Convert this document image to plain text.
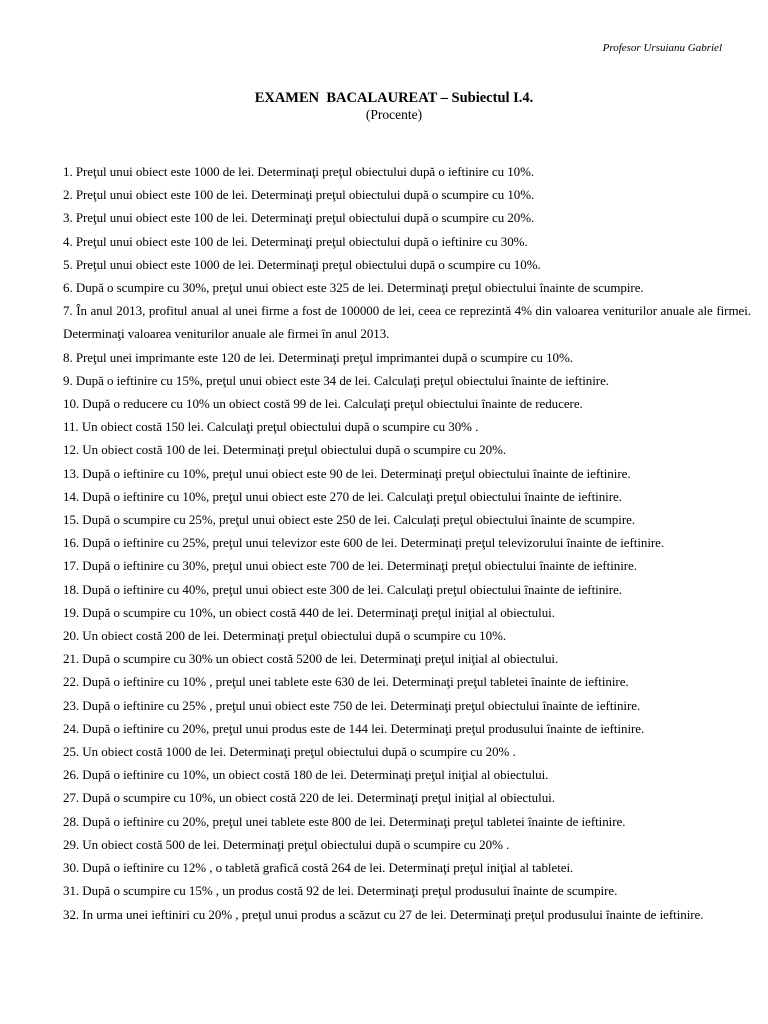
Profesor Ursuianu Gabriel
EXAMEN  BACALAUREAT – Subiectul I.4.
(Procente)
1. Preţul unui obiect este 1000 de lei. Determinaţi preţul obiectului după o ieftinire cu 10%.
2. Preţul unui obiect este 100 de lei. Determinaţi preţul obiectului după o scumpire cu 10%.
3. Preţul unui obiect este 100 de lei. Determinaţi preţul obiectului după o scumpire cu 20%.
4. Preţul unui obiect este 100 de lei. Determinaţi preţul obiectului după o ieftinire cu 30%.
5. Preţul unui obiect este 1000 de lei. Determinaţi preţul obiectului după o scumpire cu 10%.
6. După o scumpire cu 30%, preţul unui obiect este 325 de lei. Determinaţi preţul obiectului înainte de scumpire.
7. În anul 2013, profitul anual al unei firme a fost de 100000 de lei, ceea ce reprezintă 4% din valoarea veniturilor anuale ale firmei. Determinaţi valoarea veniturilor anuale ale firmei în anul 2013.
8. Preţul unei imprimante este 120 de lei. Determinaţi preţul imprimantei după o scumpire cu 10%.
9. După o ieftinire cu 15%, preţul unui obiect este 34 de lei. Calculaţi preţul obiectului înainte de ieftinire.
10. După o reducere cu 10% un obiect costă 99 de lei. Calculaţi preţul obiectului înainte de reducere.
11. Un obiect costă 150 lei. Calculaţi preţul obiectului după o scumpire cu 30% .
12. Un obiect costă 100 de lei. Determinaţi preţul obiectului după o scumpire cu 20%.
13. După o ieftinire cu 10%, preţul unui obiect este 90 de lei. Determinaţi preţul obiectului înainte de ieftinire.
14. După o ieftinire cu 10%, preţul unui obiect este 270 de lei. Calculaţi preţul obiectului înainte de ieftinire.
15. După o scumpire cu 25%, preţul unui obiect este 250 de lei. Calculaţi preţul obiectului înainte de scumpire.
16. După o ieftinire cu 25%, preţul unui televizor este 600 de lei. Determinaţi preţul televizorului înainte de ieftinire.
17. După o ieftinire cu 30%, preţul unui obiect este 700 de lei. Determinaţi preţul obiectului înainte de ieftinire.
18. După o ieftinire cu 40%, preţul unui obiect este 300 de lei. Calculaţi preţul obiectului înainte de ieftinire.
19. După o scumpire cu 10%, un obiect costă 440 de lei. Determinaţi preţul iniţial al obiectului.
20. Un obiect costă 200 de lei. Determinaţi preţul obiectului după o scumpire cu 10%.
21. După o scumpire cu 30% un obiect costă 5200 de lei. Determinaţi preţul iniţial al obiectului.
22. După o ieftinire cu 10% , preţul unei tablete este 630 de lei. Determinaţi preţul tabletei înainte de ieftinire.
23. După o ieftinire cu 25% , preţul unui obiect este 750 de lei. Determinaţi preţul obiectului înainte de ieftinire.
24. După o ieftinire cu 20%, preţul unui produs este de 144 lei. Determinaţi preţul produsului înainte de ieftinire.
25. Un obiect costă 1000 de lei. Determinaţi preţul obiectului după o scumpire cu 20% .
26. După o ieftinire cu 10%, un obiect costă 180 de lei. Determinaţi preţul iniţial al obiectului.
27. După o scumpire cu 10%, un obiect costă 220 de lei. Determinaţi preţul iniţial al obiectului.
28. După o ieftinire cu 20%, preţul unei tablete este 800 de lei. Determinaţi preţul tabletei înainte de ieftinire.
29. Un obiect costă 500 de lei. Determinaţi preţul obiectului după o scumpire cu 20% .
30. După o ieftinire cu 12% , o tabletă grafică costă 264 de lei. Determinaţi preţul iniţial al tabletei.
31. După o scumpire cu 15% , un produs costă 92 de lei. Determinaţi preţul produsului înainte de scumpire.
32. In urma unei ieftiniri cu 20% , preţul unui produs a scăzut cu 27 de lei. Determinaţi preţul produsului înainte de ieftinire.
